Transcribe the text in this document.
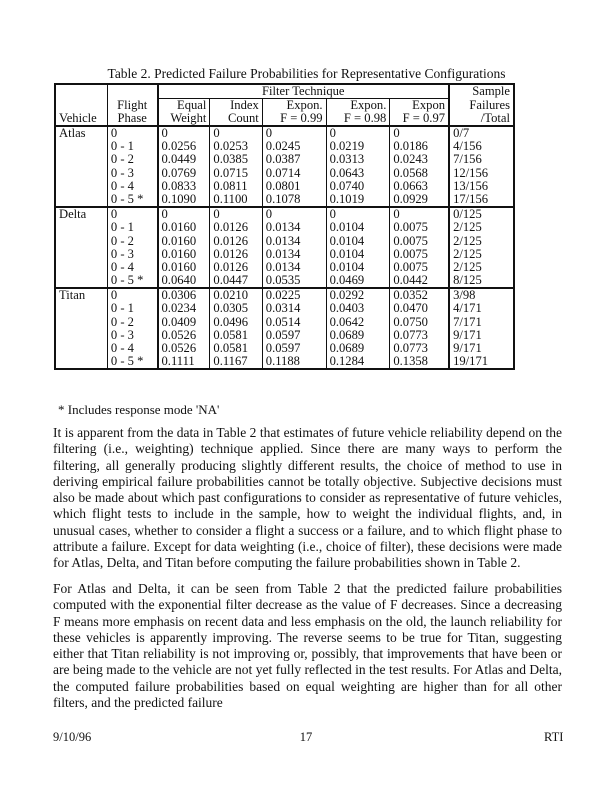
Table 2. Predicted Failure Probabilities for Representative Configurations
		Filter Technique					Sample
	Flight	Equal	Index	Expon.	Expon.	Expon	Failures
Vehicle	Phase	Weight	Count	F = 0.99	F = 0.98	F = 0.97	/Total
Atlas	0	0	0	0	0	0	0/7
	0 - 1	0.0256	0.0253	0.0245	0.0219	0.0186	4/156
	0 - 2	0.0449	0.0385	0.0387	0.0313	0.0243	7/156
	0 - 3	0.0769	0.0715	0.0714	0.0643	0.0568	12/156
	0 - 4	0.0833	0.0811	0.0801	0.0740	0.0663	13/156
	0 - 5 *	0.1090	0.1100	0.1078	0.1019	0.0929	17/156
Delta	0	0	0	0	0	0	0/125
	0 - 1	0.0160	0.0126	0.0134	0.0104	0.0075	2/125
	0 - 2	0.0160	0.0126	0.0134	0.0104	0.0075	2/125
	0 - 3	0.0160	0.0126	0.0134	0.0104	0.0075	2/125
	0 - 4	0.0160	0.0126	0.0134	0.0104	0.0075	2/125
	0 - 5 *	0.0640	0.0447	0.0535	0.0469	0.0442	8/125
Titan	0	0.0306	0.0210	0.0225	0.0292	0.0352	3/98
	0 - 1	0.0234	0.0305	0.0314	0.0403	0.0470	4/171
	0 - 2	0.0409	0.0496	0.0514	0.0642	0.0750	7/171
	0 - 3	0.0526	0.0581	0.0597	0.0689	0.0773	9/171
	0 - 4	0.0526	0.0581	0.0597	0.0689	0.0773	9/171
	0 - 5 *	0.1111	0.1167	0.1188	0.1284	0.1358	19/171
* Includes response mode 'NA'

It is apparent from the data in Table 2 that estimates of future vehicle reliability depend on the filtering (i.e., weighting) technique applied. Since there are many ways to perform the filtering, all generally producing slightly different results, the choice of method to use in deriving empirical failure probabilities cannot be totally objective. Subjective decisions must also be made about which past configurations to consider as representative of future vehicles, which flight tests to include in the sample, how to weight the individual flights, and, in unusual cases, whether to consider a flight a success or a failure, and to which flight phase to attribute a failure. Except for data weighting (i.e., choice of filter), these decisions were made for Atlas, Delta, and Titan before computing the failure probabilities shown in Table 2.

For Atlas and Delta, it can be seen from Table 2 that the predicted failure probabilities computed with the exponential filter decrease as the value of F decreases. Since a decreasing F means more emphasis on recent data and less emphasis on the old, the launch reliability for these vehicles is apparently improving. The reverse seems to be true for Titan, suggesting either that Titan reliability is not improving or, possibly, that improvements that have been or are being made to the vehicle are not yet fully reflected in the test results. For Atlas and Delta, the computed failure probabilities based on equal weighting are higher than for all other filters, and the predicted failure

9/10/96	17	RTI
